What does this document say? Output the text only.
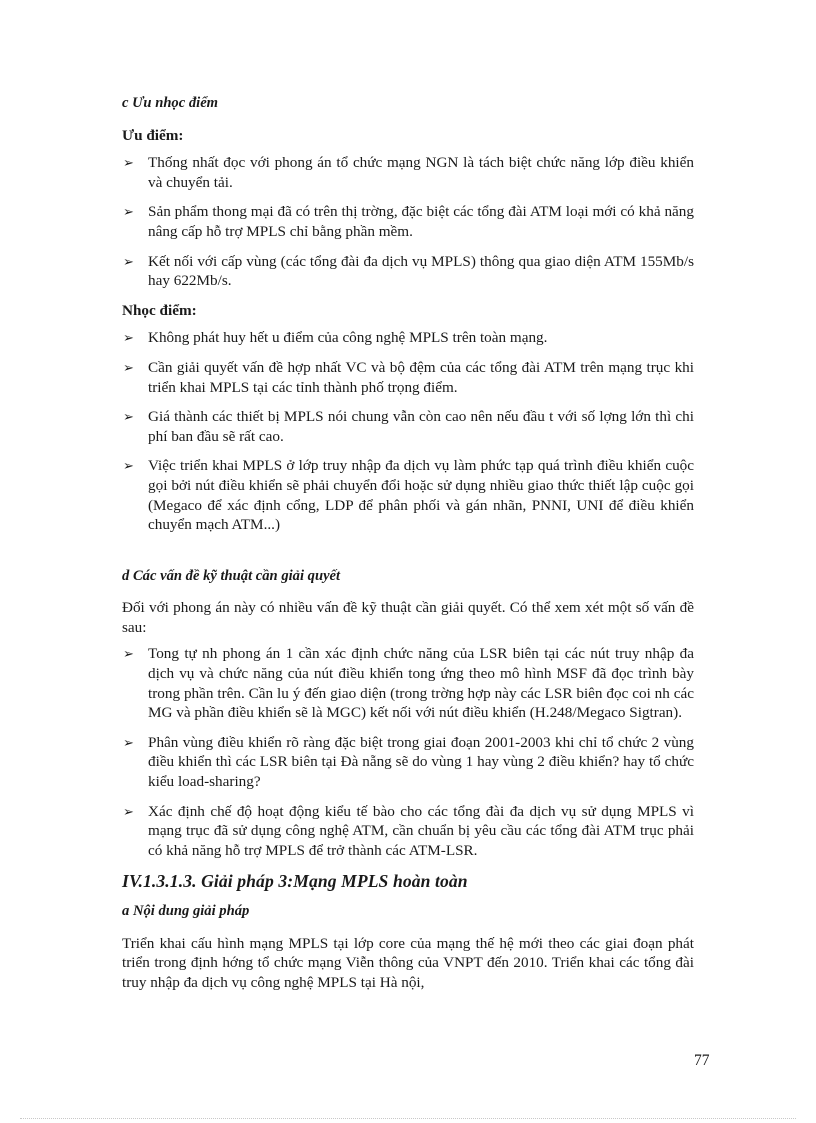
c Ưu nhọc điểm
Ưu điểm:
➢ Thống nhất đọc với phong án tổ chức mạng NGN là tách biệt chức năng lớp điều khiển và chuyển tải.
➢ Sản phẩm thong mại đã có trên thị trờng, đặc biệt các tổng đài ATM loại mới có khả năng nâng cấp hỗ trợ MPLS chỉ bằng phần mềm.
➢ Kết nối với cấp vùng (các tổng đài đa dịch vụ MPLS) thông qua giao diện ATM 155Mb/s hay 622Mb/s.
Nhọc điểm:
➢ Không phát huy hết u điểm của công nghệ MPLS trên toàn mạng.
➢ Cần giải quyết vấn đề hợp nhất VC và bộ đệm của các tổng đài ATM trên mạng trục khi triển khai MPLS tại các tỉnh thành phố trọng điểm.
➢ Giá thành các thiết bị MPLS nói chung vẫn còn cao nên nếu đầu t với số lợng lớn thì chi phí ban đầu sẽ rất cao.
➢ Việc triển khai MPLS ở lớp truy nhập đa dịch vụ làm phức tạp quá trình điều khiển cuộc gọi bởi nút điều khiển sẽ phải chuyển đổi hoặc sử dụng nhiều giao thức thiết lập cuộc gọi (Megaco để xác định cổng, LDP để phân phối và gán nhãn, PNNI, UNI để điều khiển chuyển mạch ATM...)
d Các vấn đề kỹ thuật cần giải quyết
Đối với phong án này có nhiều vấn đề kỹ thuật cần giải quyết. Có thể xem xét một số vấn đề sau:
➢ Tong tự nh phong án 1 cần xác định chức năng của LSR biên tại các nút truy nhập đa dịch vụ và chức năng của nút điều khiển tong ứng theo mô hình MSF đã đọc trình bày trong phần trên. Cần lu ý đến giao diện (trong trờng hợp này các LSR biên đọc coi nh các MG và phần điều khiển sẽ là MGC) kết nối với nút điều khiển (H.248/Megaco Sigtran).
➢ Phân vùng điều khiển rõ ràng đặc biệt trong giai đoạn 2001-2003 khi chỉ tổ chức 2 vùng điều khiển thì các LSR biên tại Đà nẵng sẽ do vùng 1 hay vùng 2 điều khiển? hay tổ chức kiểu load-sharing?
➢ Xác định chế độ hoạt động kiểu tế bào cho các tổng đài đa dịch vụ sử dụng MPLS vì mạng trục đã sử dụng công nghệ ATM, cần chuẩn bị yêu cầu các tổng đài ATM trục phải có khả năng hỗ trợ MPLS để trở thành các ATM-LSR.
IV.1.3.1.3. Giải pháp 3:Mạng MPLS hoàn toàn
a Nội dung giải pháp
Triển khai cấu hình mạng MPLS tại lớp core của mạng thế hệ mới theo các giai đoạn phát triển trong định hớng tổ chức mạng Viễn thông của VNPT đến 2010. Triển khai các tổng đài truy nhập đa dịch vụ công nghệ MPLS tại Hà nội,
77
